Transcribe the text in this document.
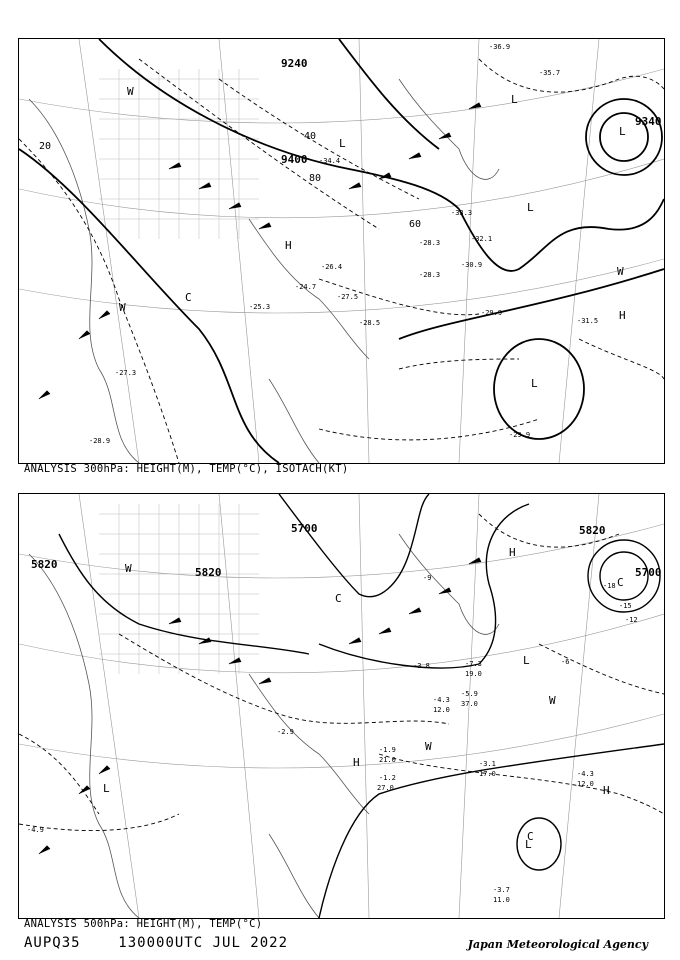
9240
9400
9340
20
40
60
80
L
L
L
L
L
H
H
C
W
W
W
-29.9
-31.5
-32.1
-30.9
-28.3
-26.4
-27.5
-28.5
-29.9
-25.3
-24.7
-33.3
-34.4
-35.7
-36.9
-28.3
-28.9
-27.3
ANALYSIS 300hPa: HEIGHT(M), TEMP(°C), ISOTACH(KT)
5700
5820
5820
5820
5700
H
H
H
L
L
L
C
C
C
W
W
W
-4.3
-3.1
-3.7
-1.9
-7.3
-18
-15
-12
-6
-9
-4.3
-5.9
-3.8
-2.9
-4.9
-1.2
12.0
17.0
11.0
21.0
27.0
19.0
12.0
37.0
ANALYSIS 500hPa: HEIGHT(M), TEMP(°C)
AUPQ35	130000UTC JUL 2022	Japan Meteorological Agency
